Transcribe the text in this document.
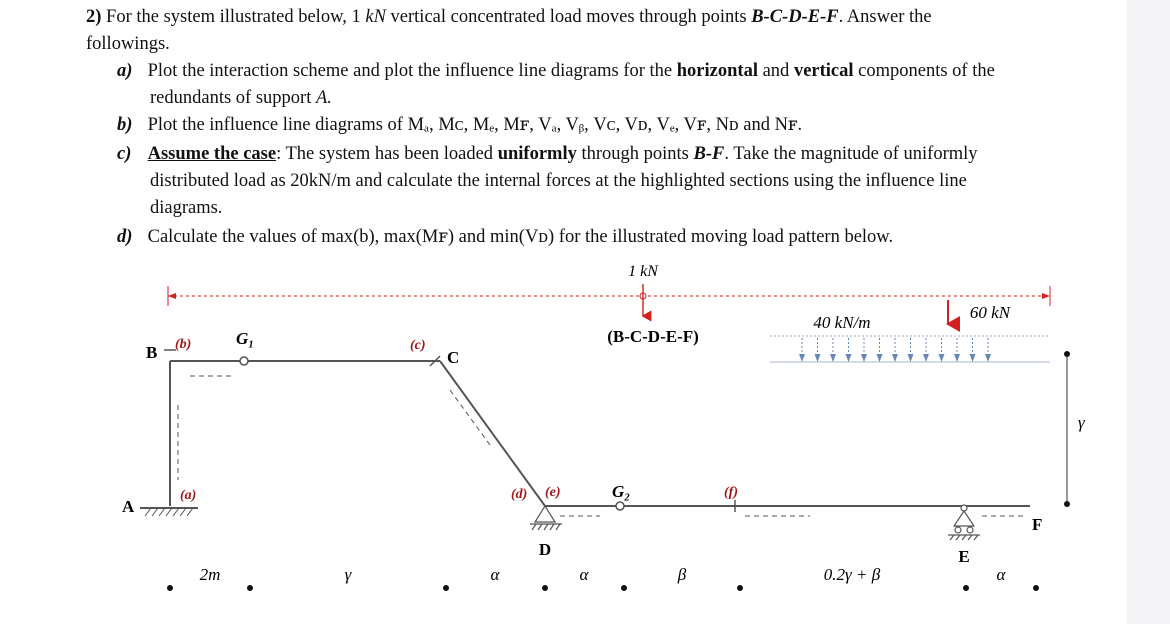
2) For the system illustrated below, 1 kN vertical concentrated load moves through points B-C-D-E-F. Answer the
followings.
a) Plot the interaction scheme and plot the influence line diagrams for the horizontal and vertical components of the
redundants of support A.
b) Plot the influence line diagrams of Mₐ, Mᴄ, Mₑ, Mꜰ, Vₐ, Vᵦ, Vᴄ, Vᴅ, Vₑ, Vꜰ, Nᴅ and Nꜰ.
c) Assume the case: The system has been loaded uniformly through points B-F. Take the magnitude of uniformly
distributed load as 20kN/m and calculate the internal forces at the highlighted sections using the influence line
diagrams.
d) Calculate the values of max(b), max(Mꜰ) and min(Vᴅ) for the illustrated moving load pattern below.
1 kN
(B-C-D-E-F)
40 kN/m
60 kN
γ
A
B	C
D	E
F
G₁
G₂
(b)	(c)
(a)	(d) (e)	(f)
2m	γ	α	α	β	0.2γ + β	α
